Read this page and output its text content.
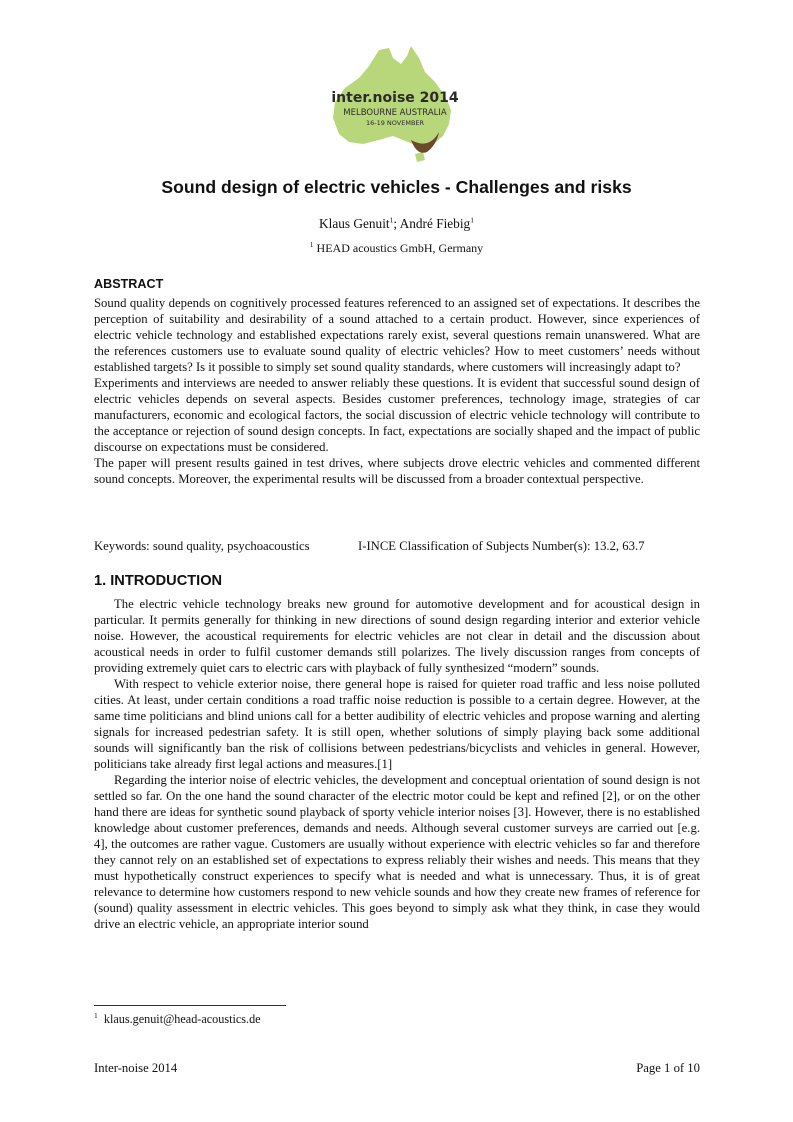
inter.noise 2014
MELBOURNE AUSTRALIA
16-19 NOVEMBER
Sound design of electric vehicles - Challenges and risks
Klaus Genuit$^1$; André Fiebig$^1$
$^1$ HEAD acoustics GmbH, Germany
ABSTRACT

Sound quality depends on cognitively processed features referenced to an assigned set of expectations. It describes the perception of suitability and desirability of a sound attached to a certain product. However, since experiences of electric vehicle technology and established expectations rarely exist, several questions remain unanswered. What are the references customers use to evaluate sound quality of electric vehicles? How to meet customers’ needs without established targets? Is it possible to simply set sound quality standards, where customers will increasingly adapt to?

Experiments and interviews are needed to answer reliably these questions. It is evident that successful sound design of electric vehicles depends on several aspects. Besides customer preferences, technology image, strategies of car manufacturers, economic and ecological factors, the social discussion of electric vehicle technology will contribute to the acceptance or rejection of sound design concepts. In fact, expectations are socially shaped and the impact of public discourse on expectations must be considered.

The paper will present results gained in test drives, where subjects drove electric vehicles and commented different sound concepts. Moreover, the experimental results will be discussed from a broader contextual perspective.

Keywords: sound quality, psychoacoustics	I-INCE Classification of Subjects Number(s): 13.2, 63.7
1. INTRODUCTION

The electric vehicle technology breaks new ground for automotive development and for acoustical design in particular. It permits generally for thinking in new directions of sound design regarding interior and exterior vehicle noise. However, the acoustical requirements for electric vehicles are not clear in detail and the discussion about acoustical needs in order to fulfil customer demands still polarizes. The lively discussion ranges from concepts of providing extremely quiet cars to electric cars with playback of fully synthesized “modern” sounds.

With respect to vehicle exterior noise, there general hope is raised for quieter road traffic and less noise polluted cities. At least, under certain conditions a road traffic noise reduction is possible to a certain degree. However, at the same time politicians and blind unions call for a better audibility of electric vehicles and propose warning and alerting signals for increased pedestrian safety. It is still open, whether solutions of simply playing back some additional sounds will significantly ban the risk of collisions between pedestrians/bicyclists and vehicles in general. However, politicians take already first legal actions and measures.[1]

Regarding the interior noise of electric vehicles, the development and conceptual orientation of sound design is not settled so far. On the one hand the sound character of the electric motor could be kept and refined [2], or on the other hand there are ideas for synthetic sound playback of sporty vehicle interior noises [3]. However, there is no established knowledge about customer preferences, demands and needs. Although several customer surveys are carried out [e.g. 4], the outcomes are rather vague. Customers are usually without experience with electric vehicles so far and therefore they cannot rely on an established set of expectations to express reliably their wishes and needs. This means that they must hypothetically construct experiences to specify what is needed and what is unnecessary. Thus, it is of great relevance to determine how customers respond to new vehicle sounds and how they create new frames of reference for (sound) quality assessment in electric vehicles. This goes beyond to simply ask what they think, in case they would drive an electric vehicle, an appropriate interior sound

$^1$ klaus.genuit@head-acoustics.de
Inter-noise 2014	Page 1 of 10
